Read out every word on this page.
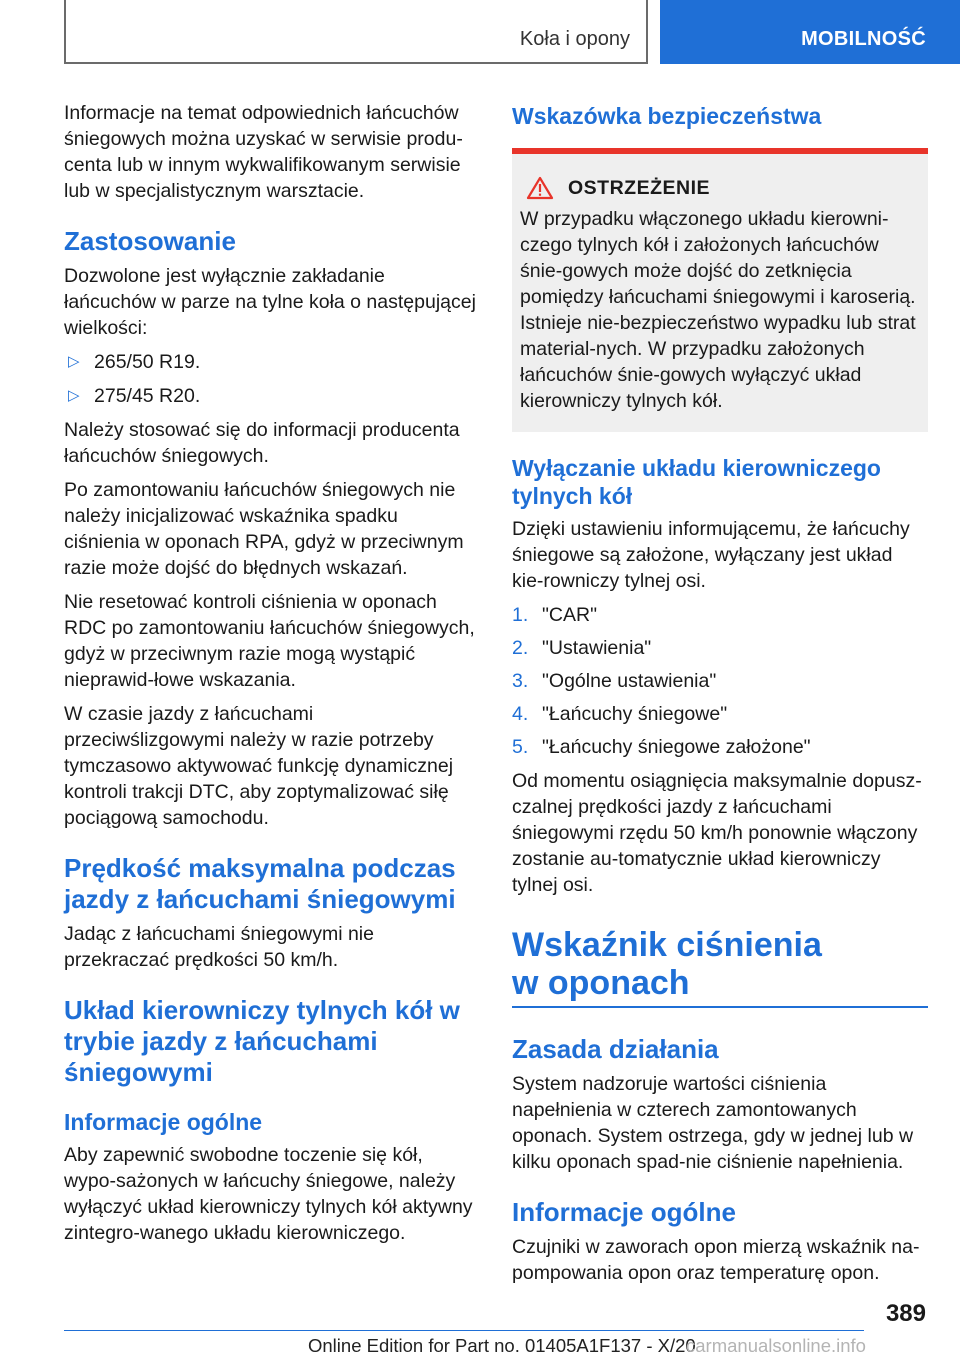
Koła i opony	MOBILNOŚĆ

Informacje na temat odpowiednich łańcuchów śniegowych można uzyskać w serwisie produ-centa lub w innym wykwalifikowanym serwisie lub w specjalistycznym warsztacie.

Zastosowanie

Dozwolone jest wyłącznie zakładanie łańcuchów w parze na tylne koła o następującej wielkości:

▷ 265/50 R19.
▷ 275/45 R20.

Należy stosować się do informacji producenta łańcuchów śniegowych.

Po zamontowaniu łańcuchów śniegowych nie należy inicjalizować wskaźnika spadku ciśnienia w oponach RPA, gdyż w przeciwnym razie może dojść do błędnych wskazań.

Nie resetować kontroli ciśnienia w oponach RDC po zamontowaniu łańcuchów śniegowych, gdyż w przeciwnym razie mogą wystąpić nieprawid-łowe wskazania.

W czasie jazdy z łańcuchami przeciwślizgowymi należy w razie potrzeby tymczasowo aktywować funkcję dynamicznej kontroli trakcji DTC, aby zoptymalizować siłę pociągową samochodu.

Prędkość maksymalna podczas jazdy z łańcuchami śniegowymi

Jadąc z łańcuchami śniegowymi nie przekraczać prędkości 50 km/h.

Układ kierowniczy tylnych kół w trybie jazdy z łańcuchami śniegowymi
Informacje ogólne

Aby zapewnić swobodne toczenie się kół, wypo-sażonych w łańcuchy śniegowe, należy wyłączyć układ kierowniczy tylnych kół aktywny zintegro-wanego układu kierowniczego.

Wskazówka bezpieczeństwa
OSTRZEŻENIE

W przypadku włączonego układu kierowni-czego tylnych kół i założonych łańcuchów śnie-gowych może dojść do zetknięcia pomiędzy łańcuchami śniegowymi i karoserią. Istnieje nie-bezpieczeństwo wypadku lub strat material-nych. W przypadku założonych łańcuchów śnie-gowych wyłączyć układ kierowniczy tylnych kół.

Wyłączanie układu kierowniczego tylnych kół

Dzięki ustawieniu informującemu, że łańcuchy śniegowe są założone, wyłączany jest układ kie-rowniczy tylnej osi.

1. "CAR"
2. "Ustawienia"
3. "Ogólne ustawienia"
4. "Łańcuchy śniegowe"
5. "Łańcuchy śniegowe założone"

Od momentu osiągnięcia maksymalnie dopusz-czalnej prędkości jazdy z łańcuchami śniegowymi rzędu 50 km/h ponownie włączony zostanie au-tomatycznie układ kierowniczy tylnej osi.

Wskaźnik ciśnienia
w oponach
Zasada działania

System nadzoruje wartości ciśnienia napełnienia w czterech zamontowanych oponach. System ostrzega, gdy w jednej lub w kilku oponach spad-nie ciśnienie napełnienia.

Informacje ogólne

Czujniki w zaworach opon mierzą wskaźnik na-pompowania opon oraz temperaturę opon.

389
Online Edition for Part no. 01405A1F137 - X/20
carmanualsonline.info
